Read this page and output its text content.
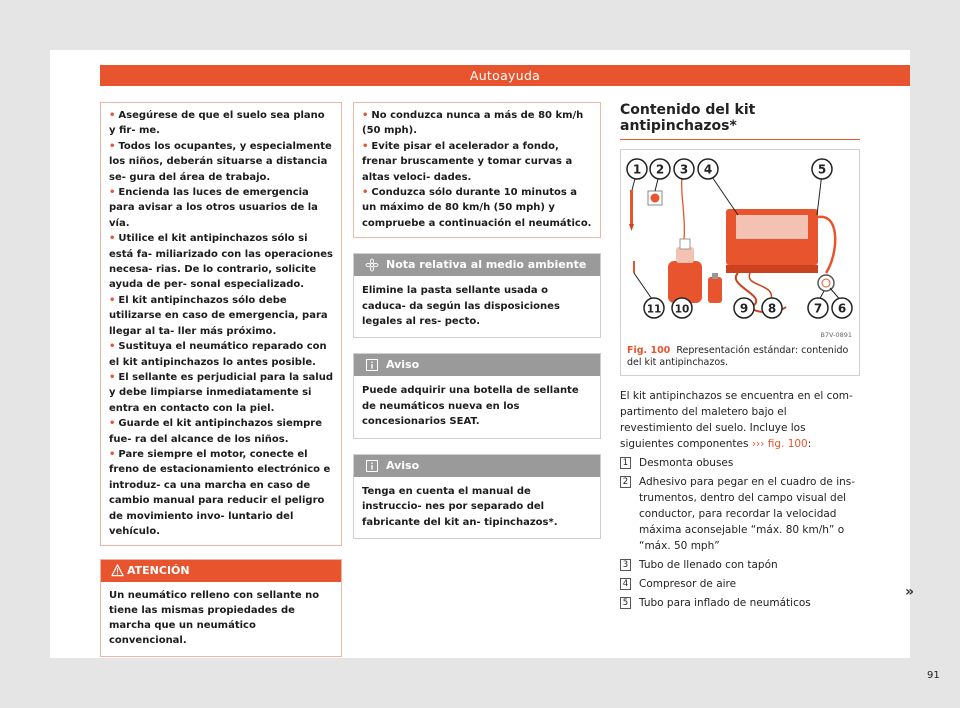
Autoayuda
• Asegúrese de que el suelo sea plano y fir- me.
• Todos los ocupantes, y especialmente los niños, deberán situarse a distancia se- gura del área de trabajo.
• Encienda las luces de emergencia para avisar a los otros usuarios de la vía.
• Utilice el kit antipinchazos sólo si está fa- miliarizado con las operaciones necesa- rias. De lo contrario, solicite ayuda de per- sonal especializado.
• El kit antipinchazos sólo debe utilizarse en caso de emergencia, para llegar al ta- ller más próximo.
• Sustituya el neumático reparado con el kit antipinchazos lo antes posible.
• El sellante es perjudicial para la salud y debe limpiarse inmediatamente si entra en contacto con la piel.
• Guarde el kit antipinchazos siempre fue- ra del alcance de los niños.
• Pare siempre el motor, conecte el freno de estacionamiento electrónico e introduz- ca una marcha en caso de cambio manual para reducir el peligro de movimiento invo- luntario del vehículo.
ATENCIÓN
Un neumático relleno con sellante no tiene las mismas propiedades de marcha que un neumático convencional.
• No conduzca nunca a más de 80 km/h (50 mph).
• Evite pisar el acelerador a fondo, frenar bruscamente y tomar curvas a altas veloci- dades.
• Conduzca sólo durante 10 minutos a un máximo de 80 km/h (50 mph) y compruebe a continuación el neumático.
Nota relativa al medio ambiente
Elimine la pasta sellante usada o caduca- da según las disposiciones legales al res- pecto.
Aviso
Puede adquirir una botella de sellante de neumáticos nueva en los concesionarios SEAT.
Aviso
Tenga en cuenta el manual de instruccio- nes por separado del fabricante del kit an- tipinchazos*.
Contenido del kit antipinchazos*
1 2 3 4	5
6
7
8
9
10
11
B7V-0891
Fig. 100 Representación estándar: contenido del kit antipinchazos.
El kit antipinchazos se encuentra en el com- partimento del maletero bajo el revestimiento del suelo. Incluye los siguientes componentes ››› fig. 100:
1 Desmonta obuses
2 Adhesivo para pegar en el cuadro de ins- trumentos, dentro del campo visual del conductor, para recordar la velocidad máxima aconsejable “máx. 80 km/h” o “máx. 50 mph”
3 Tubo de llenado con tapón
4 Compresor de aire
5 Tubo para inflado de neumáticos
»
91
